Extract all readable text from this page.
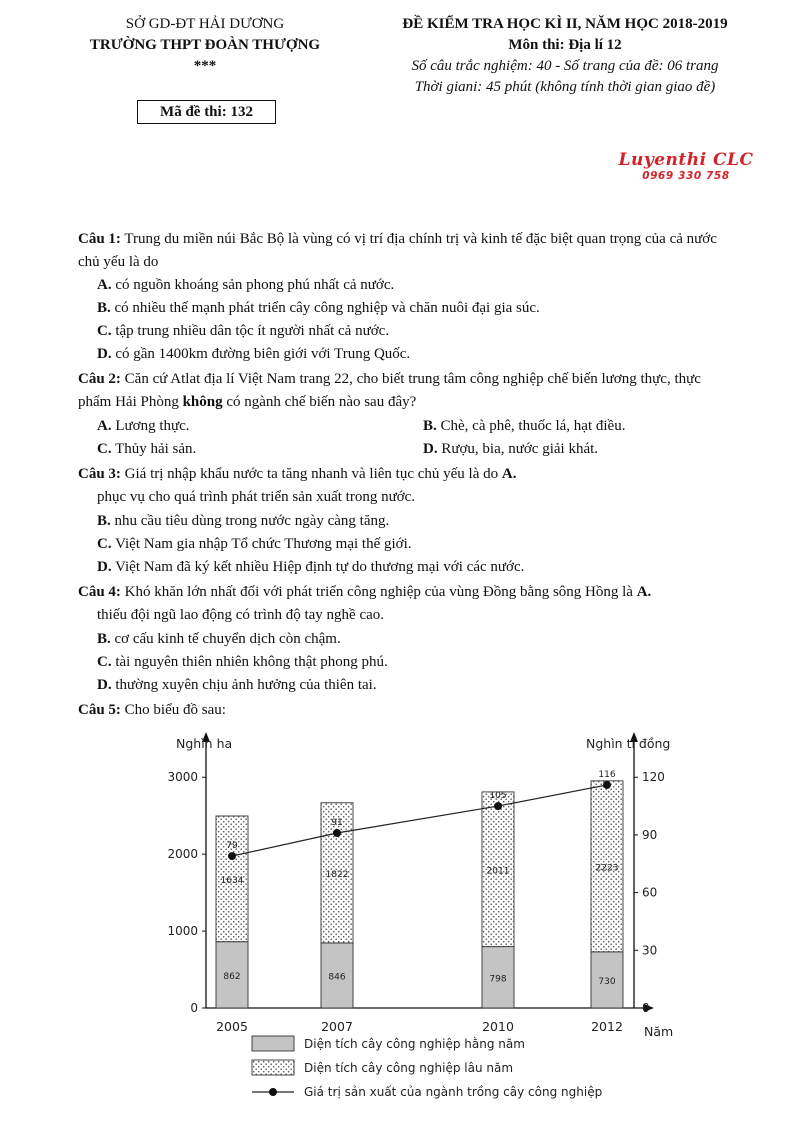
SỞ GD-ĐT HẢI DƯƠNG
TRƯỜNG THPT ĐOÀN THƯỢNG
***
Mã đề thi: 132
ĐỀ KIỂM TRA HỌC KÌ II, NĂM HỌC 2018-2019
Môn thi: Địa lí 12
Số câu trắc nghiệm: 40 - Số trang của đề: 06 trang
Thời giani: 45 phút (không tính thời gian giao đề)
Luyenthi CLC
0969 330 758
Câu 1: Trung du miền núi Bắc Bộ là vùng có vị trí địa chính trị và kinh tế đặc biệt quan trọng của cả nước
chủ yếu là do
A. có nguồn khoáng sản phong phú nhất cả nước.
B. có nhiều thế mạnh phát triển cây công nghiệp và chăn nuôi đại gia súc.
C. tập trung nhiều dân tộc ít người nhất cả nước.
D. có gần 1400km đường biên giới với Trung Quốc.
Câu 2: Căn cứ Atlat địa lí Việt Nam trang 22, cho biết trung tâm công nghiệp chế biến lương thực, thực
phẩm Hải Phòng không có ngành chế biến nào sau đây?
A. Lương thực.	B. Chè, cà phê, thuốc lá, hạt điều.
C. Thủy hải sản.	D. Rượu, bia, nước giải khát.
Câu 3: Giá trị nhập khẩu nước ta tăng nhanh và liên tục chủ yếu là do A.
phục vụ cho quá trình phát triển sản xuất trong nước.
B. nhu cầu tiêu dùng trong nước ngày càng tăng.
C. Việt Nam gia nhập Tổ chức Thương mại thế giới.
D. Việt Nam đã ký kết nhiều Hiệp định tự do thương mại với các nước.
Câu 4: Khó khăn lớn nhất đối với phát triển công nghiệp của vùng Đồng bằng sông Hồng là A.
thiếu đội ngũ lao động có trình độ tay nghề cao.
B. cơ cấu kinh tế chuyển dịch còn chậm.
C. tài nguyên thiên nhiên không thật phong phú.
D. thường xuyên chịu ảnh hưởng của thiên tai.
Câu 5: Cho biểu đồ sau:
Nghìn ha	Nghìn tỉ đồng
Năm
0
1000
2000
3000
0
30
60
90
120
862
1634
2005
846
1822
2007
798
2011
2010
730
2223
2012
79
91
105
116
Diện tích cây công nghiệp hằng năm
Diện tích cây công nghiệp lâu năm
Giá trị sản xuất của ngành trồng cây công nghiệp
